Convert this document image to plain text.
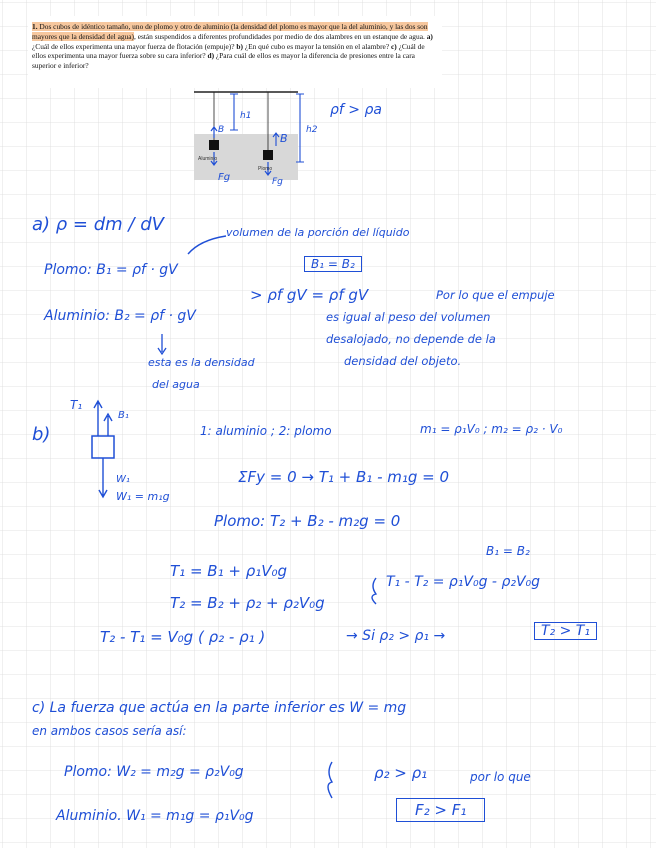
1. Dos cubos de idéntico tamaño, uno de plomo y otro de aluminio (la densidad del plomo es mayor que la del aluminio, y las dos son mayores que la densidad del agua), están suspendidos a diferentes profundidades por medio de dos alambres en un estanque de agua. a) ¿Cuál de ellos experimenta una mayor fuerza de flotación (empuje)? b) ¿En qué cubo es mayor la tensión en el alambre? c) ¿Cuál de ellos experimenta una mayor fuerza sobre su cara inferior? d) ¿Para cuál de ellos es mayor la diferencia de presiones entre la cara superior e inferior?
Aluminio
Plomo
h1
h2
B
B
Fg	Fg
ρf > ρa
a) ρ = dm / dV	volumen de la porción del líquido
Plomo: B₁ = ρf · gV	B₁ = B₂
> ρf gV = ρf gV	Por lo que el empuje
es igual al peso del volumen
desalojado, no depende de la
densidad del objeto.
Aluminio: B₂ = ρf · gV
esta es la densidad
del agua
b)
T₁
B₁
W₁
W₁ = m₁g
1: aluminio ; 2: plomo	m₁ = ρ₁V₀ ; m₂ = ρ₂ · V₀
ΣFy = 0 → T₁ + B₁ - m₁g = 0
Plomo: T₂ + B₂ - m₂g = 0
B₁ = B₂
T₁ = B₁ + ρ₁V₀g
T₂ = B₂ + ρ₂ + ρ₂V₀g
T₁ - T₂ = ρ₁V₀g - ρ₂V₀g
T₂ - T₁ = V₀g ( ρ₂ - ρ₁ )	→ Si ρ₂ > ρ₁ →	T₂ > T₁
c) La fuerza que actúa en la parte inferior es W = mg
en ambos casos sería así:
Plomo: W₂ = m₂g = ρ₂V₀g
Aluminio. W₁ = m₁g = ρ₁V₀g
ρ₂ > ρ₁	por lo que
F₂ > F₁
